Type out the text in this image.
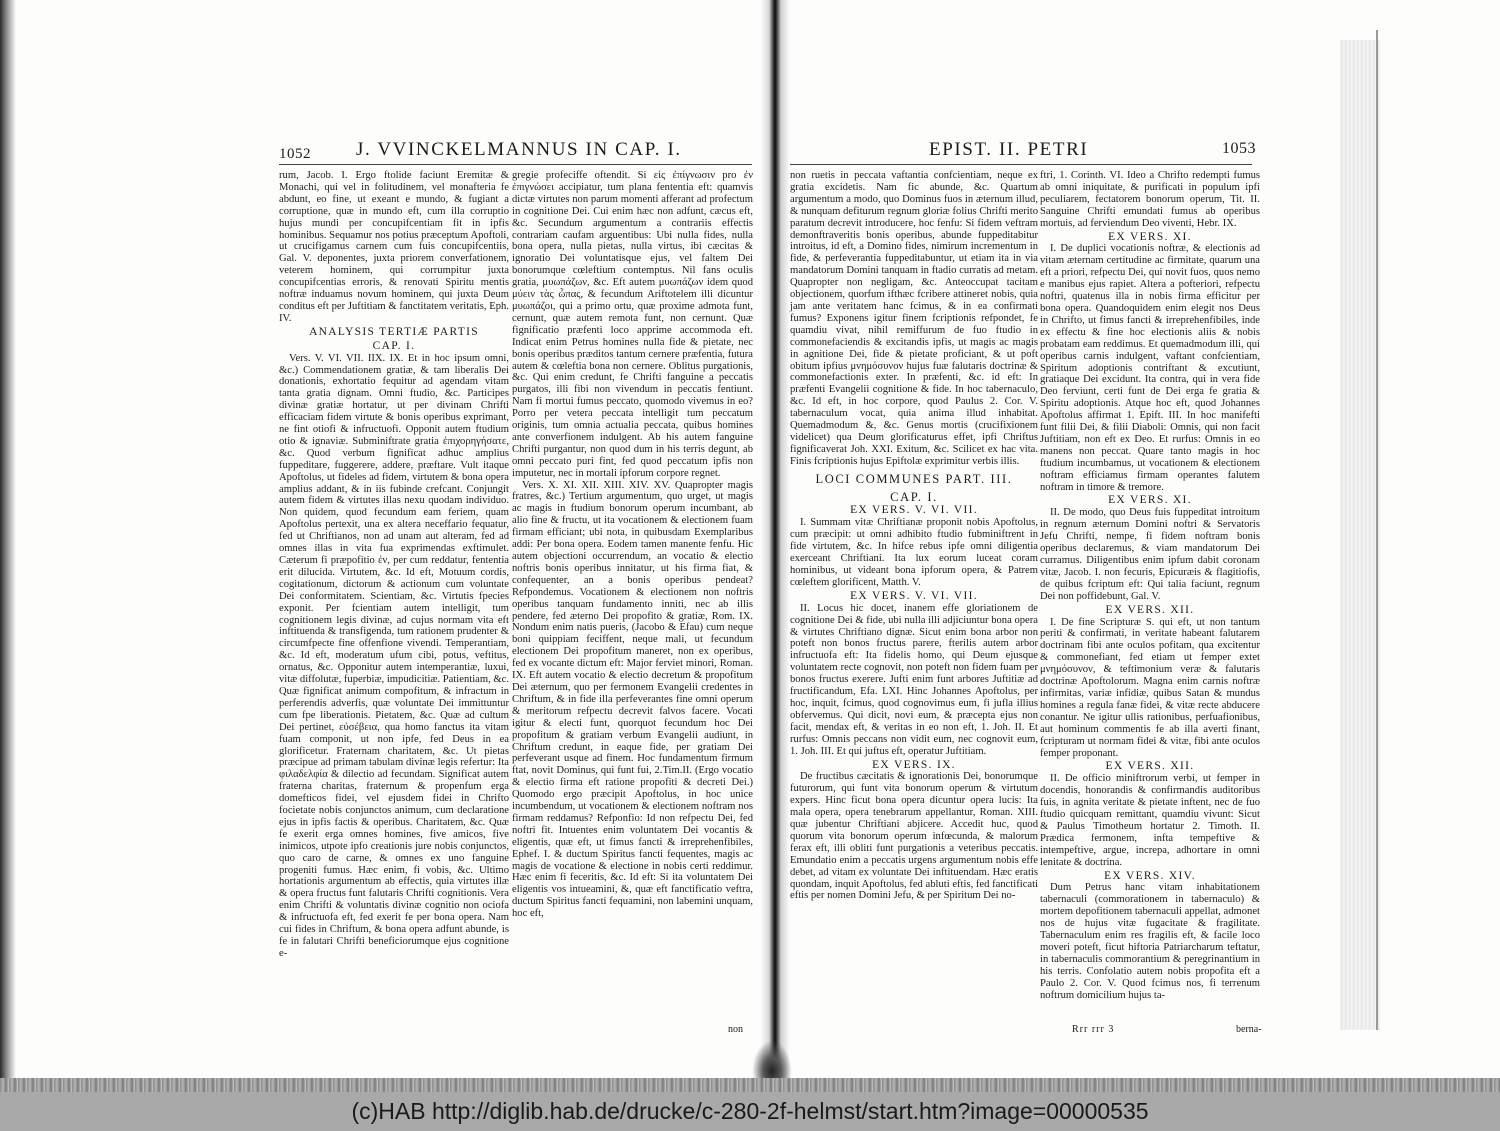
1052 J. VVINCKELMANNUS IN CAP. I.

rum, Jacob. I. Ergo ftolide faciunt Eremitæ & Monachi, qui vel in folitudinem, vel monafteria fe abdunt, eo fine, ut exeant e mundo, & fugiant a corruptione, quæ in mundo eft, cum illa corruptio hujus mundi per concupifcentiam fit in ipfis hominibus. Sequamur nos potius præceptum Apoftoli, ut crucifigamus carnem cum fuis concupifcentiis, Gal. V. deponentes, juxta priorem converfationem, veterem hominem, qui corrumpitur juxta concupifcentias erroris, & renovati Spiritu mentis noftræ induamus novum hominem, qui juxta Deum conditus eft per Juftitiam & fanctitatem veritatis, Eph. IV.

ANALYSIS TERTIÆ PARTIS
CAP. I.

Vers. V. VI. VII. IIX. IX. Et in hoc ipsum omni, &c.) Commendationem gratiæ, & tam liberalis Dei donationis, exhortatio fequitur ad agendam vitam tanta gratia dignam. Omni ftudio, &c. Participes divinæ gratiæ hortatur, ut per divinam Chrifti efficaciam fidem virtute & bonis operibus exprimant, ne fint otiofi & infructuofi. Opponit autem ftudium otio & ignaviæ. Subminiftrate gratia ἐπιχορηγήσατε, &c. Quod verbum fignificat adhuc amplius fuppeditare, fuggerere, addere, præftare. Vult itaque Apoftolus, ut fideles ad fidem, virtutem & bona opera amplius addant, & in iis fubinde crefcant. Conjungit autem fidem & virtutes illas nexu quodam individuo. Non quidem, quod fecundum eam feriem, quam Apoftolus pertexit, una ex altera neceffario fequatur, fed ut Chriftianos, non ad unam aut alteram, fed ad omnes illas in vita fua exprimendas exftimulet. Cæterum fi præpofitio ἐν, per cum reddatur, fententia erit dilucida. Virtutem, &c. Id eft, Motuum cordis, cogitationum, dictorum & actionum cum voluntate Dei conformitatem. Scientiam, &c. Virtutis fpecies exponit. Per fcientiam autem intelligit, tum cognitionem legis divinæ, ad cujus normam vita eft inftituenda & transfigenda, tum rationem prudenter & circumfpecte fine offenfione vivendi. Temperantiam, &c. Id eft, moderatum ufum cibi, potus, veftitus, ornatus, &c. Opponitur autem intemperantiæ, luxui, vitæ diffolutæ, fuperbiæ, impudicitiæ. Patientiam, &c. Quæ fignificat animum compofitum, & infractum in perferendis adverfis, quæ voluntate Dei immittuntur cum fpe liberationis. Pietatem, &c. Quæ ad cultum Dei pertinet, εὐσέβεια, qua homo fanctus ita vitam fuam componit, ut non ipfe, fed Deus in ea glorificetur. Fraternam charitatem, &c. Ut pietas præcipue ad primam tabulam divinæ legis refertur: Ita φιλαδελφία & dilectio ad fecundam. Significat autem fraterna charitas, fraternum & propenfum erga domefticos fidei, vel ejusdem fidei in Chrifto focietate nobis conjunctos animum, cum declaratione ejus in ipfis factis & operibus. Charitatem, &c. Quæ fe exerit erga omnes homines, five amicos, five inimicos, utpote ipfo creationis jure nobis conjunctos, quo caro de carne, & omnes ex uno fanguine progeniti fumus. Hæc enim, fi vobis, &c. Ultimo hortationis argumentum ab effectis, quia virtutes illæ & opera fructus funt falutaris Chrifti cognitionis. Vera enim Chrifti & voluntatis divinæ cognitio non ociofa & infructuofa eft, fed exerit fe per bona opera. Nam cui fides in Chriftum, & bona opera adfunt abunde, is fe in falutari Chrifti beneficiorumque ejus cognitione e-

gregie profeciffe oftendit. Si εἰς ἐπίγνωσιν pro ἐν ἐπιγνώσει accipiatur, tum plana fententia eft: quamvis dictæ virtutes non parum momenti afferant ad profectum in cognitione Dei. Cui enim hæc non adfunt, cæcus eft, &c. Secundum argumentum a contrariis effectis contrariam caufam arguentibus: Ubi nulla fides, nulla bona opera, nulla pietas, nulla virtus, ibi cæcitas & ignoratio Dei voluntatisque ejus, vel faltem Dei bonorumque cœleftium contemptus. Nil fans oculis gratia, μυωπάζων, &c. Eft autem μυωπάζων idem quod μύειν τὰς ὦπας, & fecundum Ariftotelem illi dicuntur μυωπάζοι, qui a primo ortu, quæ proxime admota funt, cernunt, quæ autem remota funt, non cernunt. Quæ fignificatio præfenti loco apprime accommoda eft. Indicat enim Petrus homines nulla fide & pietate, nec bonis operibus præditos tantum cernere præfentia, futura autem & cœleftia bona non cernere. Oblitus purgationis, &c. Qui enim credunt, fe Chrifti fanguine a peccatis purgatos, illi fibi non vivendum in peccatis fentiunt. Nam fi mortui fumus peccato, quomodo vivemus in eo? Porro per vetera peccata intelligit tum peccatum originis, tum omnia actualia peccata, quibus homines ante converfionem indulgent. Ab his autem fanguine Chrifti purgantur, non quod dum in his terris degunt, ab omni peccato puri fint, fed quod peccatum ipfis non imputetur, nec in mortali ipforum corpore regnet.

Vers. X. XI. XII. XIII. XIV. XV. Quapropter magis fratres, &c.) Tertium argumentum, quo urget, ut magis ac magis in ftudium bonorum operum incumbant, ab alio fine & fructu, ut ita vocationem & electionem fuam firmam efficiant; ubi nota, in quibusdam Exemplaribus addi: Per bona opera. Eodem tamen manente fenfu. Hic autem objectioni occurrendum, an vocatio & electio noftris bonis operibus innitatur, ut his firma fiat, & confequenter, an a bonis operibus pendeat? Refpondemus. Vocationem & electionem non noftris operibus tanquam fundamento inniti, nec ab illis pendere, fed æterno Dei propofito & gratiæ, Rom. IX. Nondum enim natis pueris, (Jacobo & Efau) cum neque boni quippiam feciffent, neque mali, ut fecundum electionem Dei propofitum maneret, non ex operibus, fed ex vocante dictum eft: Major ferviet minori, Roman. IX. Eft autem vocatio & electio decretum & propofitum Dei æternum, quo per fermonem Evangelii credentes in Chriftum, & in fide illa perfeverantes fine omni operum & meritorum refpectu decrevit falvos facere. Vocati igitur & electi funt, quorquot fecundum hoc Dei propofitum & gratiam verbum Evangelii audiunt, in Chriftum credunt, in eaque fide, per gratiam Dei perfeverant usque ad finem. Hoc fundamentum firmum ftat, novit Dominus, qui funt fui, 2.Tim.II. (Ergo vocatio & electio firma eft ratione propofiti & decreti Dei.) Quomodo ergo præcipit Apoftolus, in hoc unice incumbendum, ut vocationem & electionem noftram nos firmam reddamus? Refponfio: Id non refpectu Dei, fed noftri fit. Intuentes enim voluntatem Dei vocantis & eligentis, quæ eft, ut fimus fancti & irreprehenfibiles, Ephef. I. & ductum Spiritus fancti fequentes, magis ac magis de vocatione & electione in nobis certi reddimur. Hæc enim fi feceritis, &c. Id eft: Si ita voluntatem Dei eligentis vos intueamini, &, quæ eft fanctificatio veftra, ductum Spiritus fancti fequamini, non labemini unquam, hoc eft,

non
EPIST. II. PETRI	1053

non ruetis in peccata vaftantia confcientiam, neque ex gratia excidetis. Nam fic abunde, &c. Quartum argumentum a modo, quo Dominus fuos in æternum illud, & nunquam defiturum regnum gloriæ folius Chrifti merito paratum decrevit introducere, hoc fenfu: Si fidem veftram demonftraveritis bonis operibus, abunde fuppeditabitur introitus, id eft, a Domino fides, nimirum incrementum in fide, & perfeverantia fuppeditabuntur, ut etiam ita in via mandatorum Domini tanquam in ftadio curratis ad metam. Quapropter non negligam, &c. Anteoccupat tacitam objectionem, quorfum ifthæc fcribere attineret nobis, quia jam ante veritatem hanc fcimus, & in ea confirmati fumus? Exponens igitur finem fcriptionis refpondet, fe quamdiu vivat, nihil remiffurum de fuo ftudio in commonefaciendis & excitandis ipfis, ut magis ac magis in agnitione Dei, fide & pietate proficiant, & ut poft obitum ipfius μνημόσυνον hujus fuæ falutaris doctrinæ & commonefactionis exter. In præfenti, &c. id eft: In præfenti Evangelii cognitione & fide. In hoc tabernaculo, &c. Id eft, in hoc corpore, quod Paulus 2. Cor. V. tabernaculum vocat, quia anima illud inhabitat. Quemadmodum &, &c. Genus mortis (crucifixionem videlicet) qua Deum glorificaturus effet, ipfi Chriftus fignificaverat Joh. XXI. Exitum, &c. Scilicet ex hac vita. Finis fcriptionis hujus Epiftolæ exprimitur verbis illis.

LOCI COMMUNES PART. III.
CAP. I.
EX VERS. V. VI. VII.

I. Summam vitæ Chriftianæ proponit nobis Apoftolus, cum præcipit: ut omni adhibito ftudio fubminiftrent in fide virtutem, &c. In hifce rebus ipfe omni diligentia exerceant Chriftiani. Ita lux eorum luceat coram hominibus, ut videant bona ipforum opera, & Patrem cœleftem glorificent, Matth. V.

EX VERS. V. VI. VII.

II. Locus hic docet, inanem effe gloriationem de cognitione Dei & fide, ubi nulla illi adjiciuntur bona opera & virtutes Chriftiano dignæ. Sicut enim bona arbor non poteft non bonos fructus parere, fterilis autem arbor infructuofa eft: Ita fidelis homo, qui Deum ejusque voluntatem recte cognovit, non poteft non fidem fuam per bonos fructus exerere. Jufti enim funt arbores Juftitiæ ad fructificandum, Efa. LXI. Hinc Johannes Apoftolus, per hoc, inquit, fcimus, quod cognovimus eum, fi jufla illius obfervemus. Qui dicit, novi eum, & præcepta ejus non facit, mendax eft, & veritas in eo non eft, 1. Joh. II. Et rurfus: Omnis peccans non vidit eum, nec cognovit eum, 1. Joh. III. Et qui juftus eft, operatur Juftitiam.

EX VERS. IX.

De fructibus cæcitatis & ignorationis Dei, bonorumque futurorum, qui funt vita bonorum operum & virtutum expers. Hinc ficut bona opera dicuntur opera lucis: Ita mala opera, opera tenebrarum appellantur, Roman. XIII. quæ jubentur Chriftiani abjicere. Accedit huc, quod quorum vita bonorum operum infœcunda, & malorum ferax eft, illi obliti funt purgationis a veteribus peccatis. Emundatio enim a peccatis urgens argumentum nobis effe debet, ad vitam ex voluntate Dei inftituendam. Hæc eratis quondam, inquit Apoftolus, fed abluti eftis, fed fanctificati eftis per nomen Domini Jefu, & per Spiritum Dei no-

ftri, 1. Corinth. VI. Ideo a Chrifto redempti fumus ab omni iniquitate, & purificati in populum ipfi peculiarem, fectatorem bonorum operum, Tit. II. Sanguine Chrifti emundati fumus ab operibus mortuis, ad ferviendum Deo viventi, Hebr. IX.

EX VERS. XI.

I. De duplici vocationis noftræ, & electionis ad vitam æternam certitudine ac firmitate, quarum una eft a priori, refpectu Dei, qui novit fuos, quos nemo e manibus ejus rapiet. Altera a pofteriori, refpectu noftri, quatenus illa in nobis firma efficitur per bona opera. Quandoquidem enim elegit nos Deus in Chrifto, ut fimus fancti & irreprehenfibiles, inde ex effectu & fine hoc electionis aliis & nobis probatam eam reddimus. Et quemadmodum illi, qui operibus carnis indulgent, vaftant confcientiam, Spiritum adoptionis contriftant & excutiunt, gratiaque Dei excidunt. Ita contra, qui in vera fide Deo ferviunt, certi funt de Dei erga fe gratia & Spiritu adoptionis. Atque hoc eft, quod Johannes Apoftolus affirmat 1. Epift. III. In hoc manifefti funt filii Dei, & filii Diaboli: Omnis, qui non facit Juftitiam, non eft ex Deo. Et rurfus: Omnis in eo manens non peccat. Quare tanto magis in hoc ftudium incumbamus, ut vocationem & electionem noftram efficiamus firmam operantes falutem noftram in timore & tremore.

EX VERS. XI.

II. De modo, quo Deus fuis fuppeditat introitum in regnum æternum Domini noftri & Servatoris Jefu Chrifti, nempe, fi fidem noftram bonis operibus declaremus, & viam mandatorum Dei curramus. Diligentibus enim ipfum dabit coronam vitæ, Jacob. I. non fecuris, Epicuræis & flagitiofis, de quibus fcriptum eft: Qui talia faciunt, regnum Dei non poffidebunt, Gal. V.

EX VERS. XII.

I. De fine Scripturæ S. qui eft, ut non tantum periti & confirmati, in veritate habeant falutarem doctrinam fibi ante oculos pofitam, qua excitentur & commonefiant, fed etiam ut femper extet μνημόσυνον, & teftimonium veræ & falutaris doctrinæ Apoftolorum. Magna enim carnis noftræ infirmitas, variæ infidiæ, quibus Satan & mundus homines a regula fanæ fidei, & vitæ recte abducere conantur. Ne igitur ullis rationibus, perfuafionibus, aut hominum commentis fe ab illa averti finant, fcripturam ut normam fidei & vitæ, fibi ante oculos femper proponant.

EX VERS. XII.

II. De officio miniftrorum verbi, ut femper in docendis, honorandis & confirmandis auditoribus fuis, in agnita veritate & pietate inftent, nec de fuo ftudio quicquam remittant, quamdiu vivunt: Sicut & Paulus Timotheum hortatur 2. Timoth. II. Prædica fermonem, infta tempeftive & intempeftive, argue, increpa, adhortare in omni lenitate & doctrina.

EX VERS. XIV.

Dum Petrus hanc vitam inhabitationem tabernaculi (commorationem in tabernaculo) & mortem depofitionem tabernaculi appellat, admonet nos de hujus vitæ fugacitate & fragilitate. Tabernaculum enim res fragilis eft, & facile loco moveri poteft, ficut hiftoria Patriarcharum teftatur, in tabernaculis commorantium & peregrinantium in his terris. Confolatio autem nobis propofita eft a Paulo 2. Cor. V. Quod fcimus nos, fi terrenum noftrum domicilium hujus ta-

Rrr rrr 3	berna-
(c)HAB http://diglib.hab.de/drucke/c-280-2f-helmst/start.htm?image=00000535
